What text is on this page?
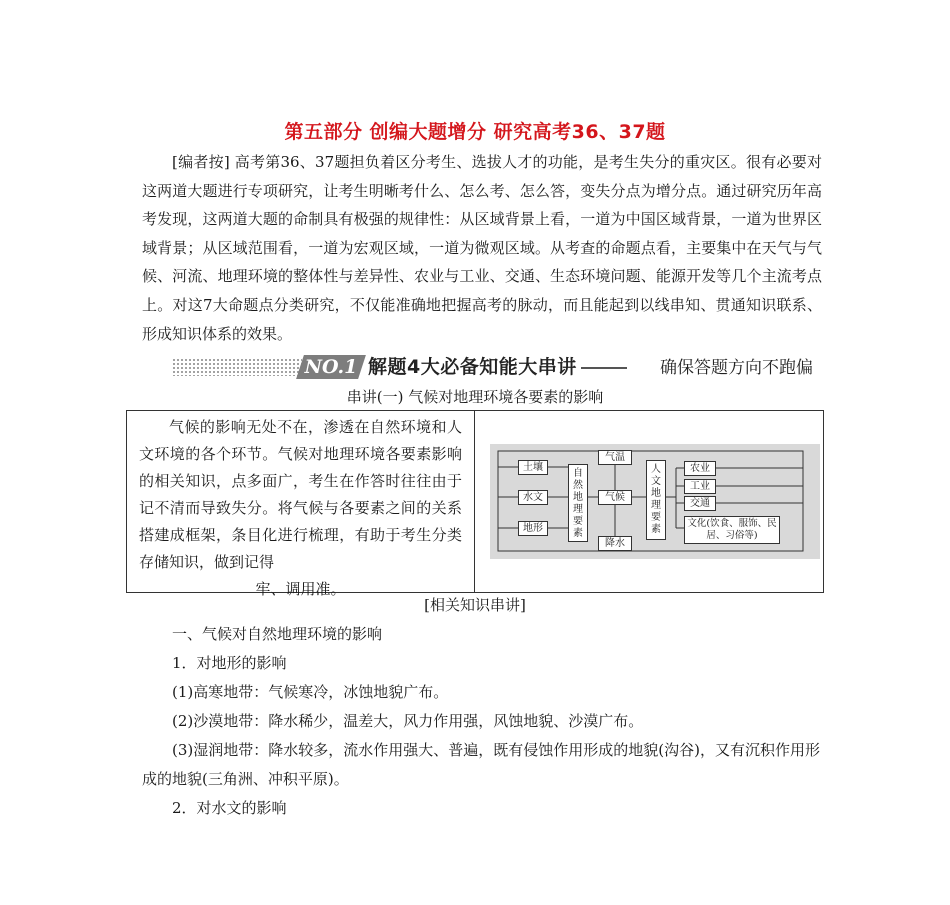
第五部分 创编大题增分 研究高考36、37题

[编者按] 高考第36、37题担负着区分考生、选拔人才的功能，是考生失分的重灾区。很有必要对这两道大题进行专项研究，让考生明晰考什么、怎么考、怎么答，变失分点为增分点。通过研究历年高考发现，这两道大题的命制具有极强的规律性：从区域背景上看，一道为中国区域背景，一道为世界区域背景；从区域范围看，一道为宏观区域，一道为微观区域。从考查的命题点看，主要集中在天气与气候、河流、地理环境的整体性与差异性、农业与工业、交通、生态环境问题、能源开发等几个主流考点上。对这7大命题点分类研究，不仅能准确地把握高考的脉动，而且能起到以线串知、贯通知识联系、形成知识体系的效果。

NO.1 解题4大必备知能大串讲	确保答题方向不跑偏
串讲(一) 气候对地理环境各要素的影响

气候的影响无处不在，渗透在自然环境和人文环境的各个环节。气候对地理环境各要素影响的相关知识，点多面广，考生在作答时往往由于记不清而导致失分。将气候与各要素之间的关系搭建成框架，条目化进行梳理，有助于考生分类存储知识，做到记得

牢、调用准。

土壤
水文
地形
自然地理要素
气温
气候
降水
人文地理要素
农业
工业
交通
文化(饮食、服饰、民居、习俗等)
[相关知识串讲]

一、气候对自然地理环境的影响

1．对地形的影响

(1)高寒地带：气候寒冷，冰蚀地貌广布。

(2)沙漠地带：降水稀少，温差大，风力作用强，风蚀地貌、沙漠广布。

(3)湿润地带：降水较多，流水作用强大、普遍，既有侵蚀作用形成的地貌(沟谷)，又有沉积作用形成的地貌(三角洲、冲积平原)。

2．对水文的影响
